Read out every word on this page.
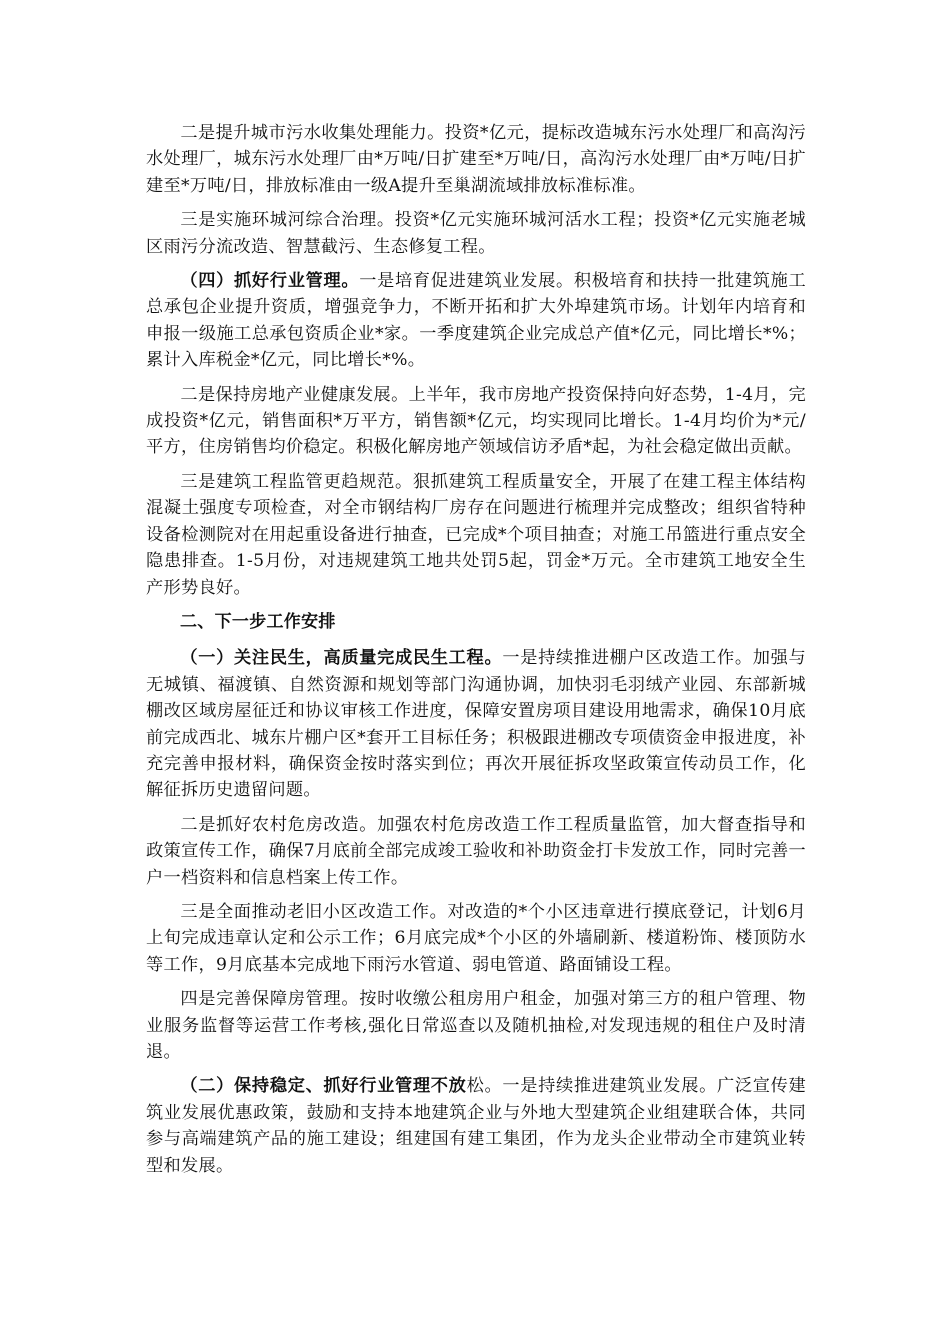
二是提升城市污水收集处理能力。投资*亿元，提标改造城东污水处理厂和高沟污水处理厂，城东污水处理厂由*万吨/日扩建至*万吨/日，高沟污水处理厂由*万吨/日扩建至*万吨/日，排放标准由一级A提升至巢湖流域排放标准标准。

三是实施环城河综合治理。投资*亿元实施环城河活水工程；投资*亿元实施老城区雨污分流改造、智慧截污、生态修复工程。

（四）抓好行业管理。一是培育促进建筑业发展。积极培育和扶持一批建筑施工总承包企业提升资质，增强竞争力，不断开拓和扩大外埠建筑市场。计划年内培育和申报一级施工总承包资质企业*家。一季度建筑企业完成总产值*亿元，同比增长*%；累计入库税金*亿元，同比增长*%。

二是保持房地产业健康发展。上半年，我市房地产投资保持向好态势，1-4月，完成投资*亿元，销售面积*万平方，销售额*亿元，均实现同比增长。1-4月均价为*元/平方，住房销售均价稳定。积极化解房地产领域信访矛盾*起，为社会稳定做出贡献。

三是建筑工程监管更趋规范。狠抓建筑工程质量安全，开展了在建工程主体结构混凝土强度专项检查，对全市钢结构厂房存在问题进行梳理并完成整改；组织省特种设备检测院对在用起重设备进行抽查，已完成*个项目抽查；对施工吊篮进行重点安全隐患排查。1-5月份，对违规建筑工地共处罚5起，罚金*万元。全市建筑工地安全生产形势良好。

二、下一步工作安排

（一）关注民生，高质量完成民生工程。一是持续推进棚户区改造工作。加强与无城镇、福渡镇、自然资源和规划等部门沟通协调，加快羽毛羽绒产业园、东部新城棚改区域房屋征迁和协议审核工作进度，保障安置房项目建设用地需求，确保10月底前完成西北、城东片棚户区*套开工目标任务；积极跟进棚改专项债资金申报进度，补充完善申报材料，确保资金按时落实到位；再次开展征拆攻坚政策宣传动员工作，化解征拆历史遗留问题。

二是抓好农村危房改造。加强农村危房改造工作工程质量监管，加大督查指导和政策宣传工作，确保7月底前全部完成竣工验收和补助资金打卡发放工作，同时完善一户一档资料和信息档案上传工作。

三是全面推动老旧小区改造工作。对改造的*个小区违章进行摸底登记，计划6月上旬完成违章认定和公示工作；6月底完成*个小区的外墙刷新、楼道粉饰、楼顶防水等工作，9月底基本完成地下雨污水管道、弱电管道、路面铺设工程。

四是完善保障房管理。按时收缴公租房用户租金，加强对第三方的租户管理、物业服务监督等运营工作考核,强化日常巡查以及随机抽检,对发现违规的租住户及时清退。

（二）保持稳定、抓好行业管理不放松。一是持续推进建筑业发展。广泛宣传建筑业发展优惠政策，鼓励和支持本地建筑企业与外地大型建筑企业组建联合体，共同参与高端建筑产品的施工建设；组建国有建工集团，作为龙头企业带动全市建筑业转型和发展。
